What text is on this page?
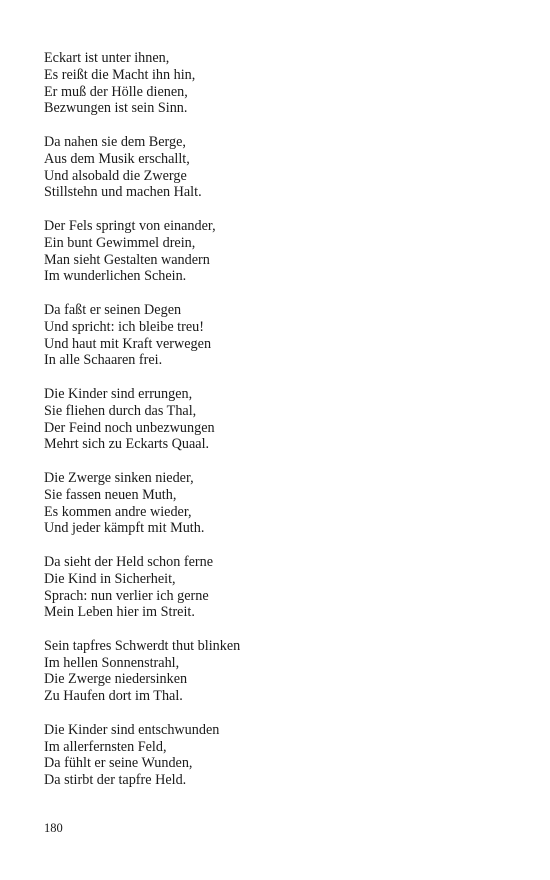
Eckart ist unter ihnen,
Es reißt die Macht ihn hin,
Er muß der Hölle dienen,
Bezwungen ist sein Sinn.
Da nahen sie dem Berge,
Aus dem Musik erschallt,
Und alsobald die Zwerge
Stillstehn und machen Halt.
Der Fels springt von einander,
Ein bunt Gewimmel drein,
Man sieht Gestalten wandern
Im wunderlichen Schein.
Da faßt er seinen Degen
Und spricht: ich bleibe treu!
Und haut mit Kraft verwegen
In alle Schaaren frei.
Die Kinder sind errungen,
Sie fliehen durch das Thal,
Der Feind noch unbezwungen
Mehrt sich zu Eckarts Quaal.
Die Zwerge sinken nieder,
Sie fassen neuen Muth,
Es kommen andre wieder,
Und jeder kämpft mit Muth.
Da sieht der Held schon ferne
Die Kind in Sicherheit,
Sprach: nun verlier ich gerne
Mein Leben hier im Streit.
Sein tapfres Schwerdt thut blinken
Im hellen Sonnenstrahl,
Die Zwerge niedersinken
Zu Haufen dort im Thal.
Die Kinder sind entschwunden
Im allerfernsten Feld,
Da fühlt er seine Wunden,
Da stirbt der tapfre Held.
180
